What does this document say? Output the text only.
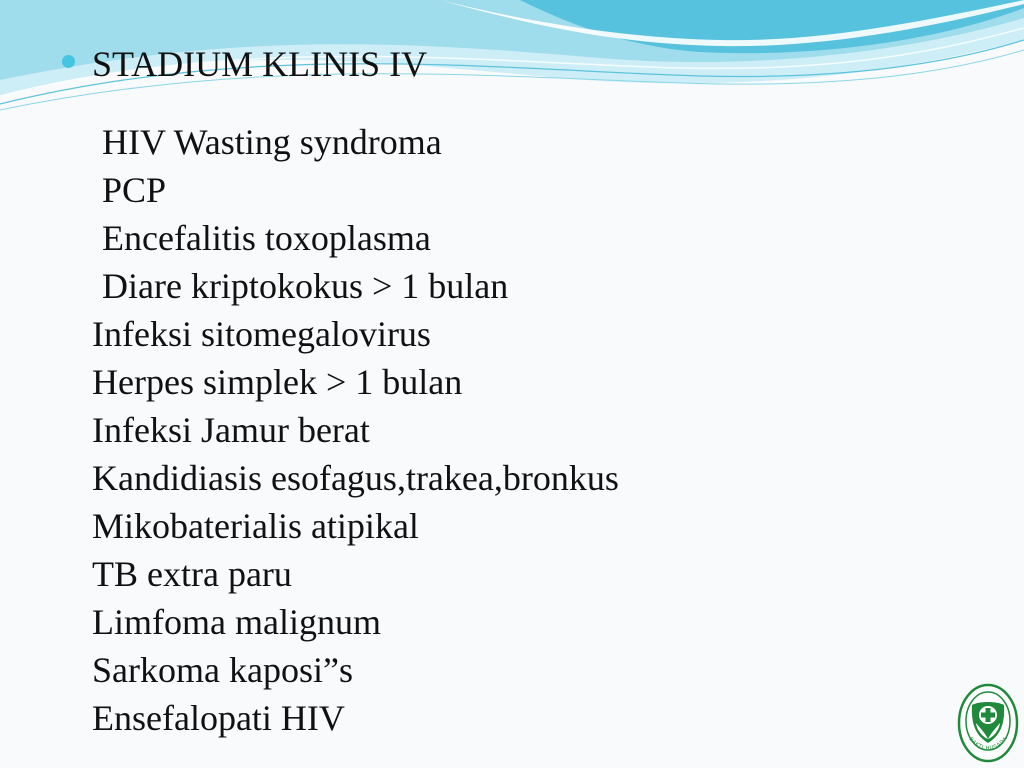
STADIUM KLINIS IV
HIV Wasting syndroma
PCP
Encefalitis toxoplasma
Diare kriptokokus > 1 bulan
Infeksi sitomegalovirus
Herpes simplek > 1 bulan
Infeksi Jamur berat
Kandidiasis esofagus,trakea,bronkus
Mikobaterialis atipikal
TB extra paru
Limfoma malignum
Sarkoma kaposi”s
Ensefalopati HIV
BAKTI HUSADA
